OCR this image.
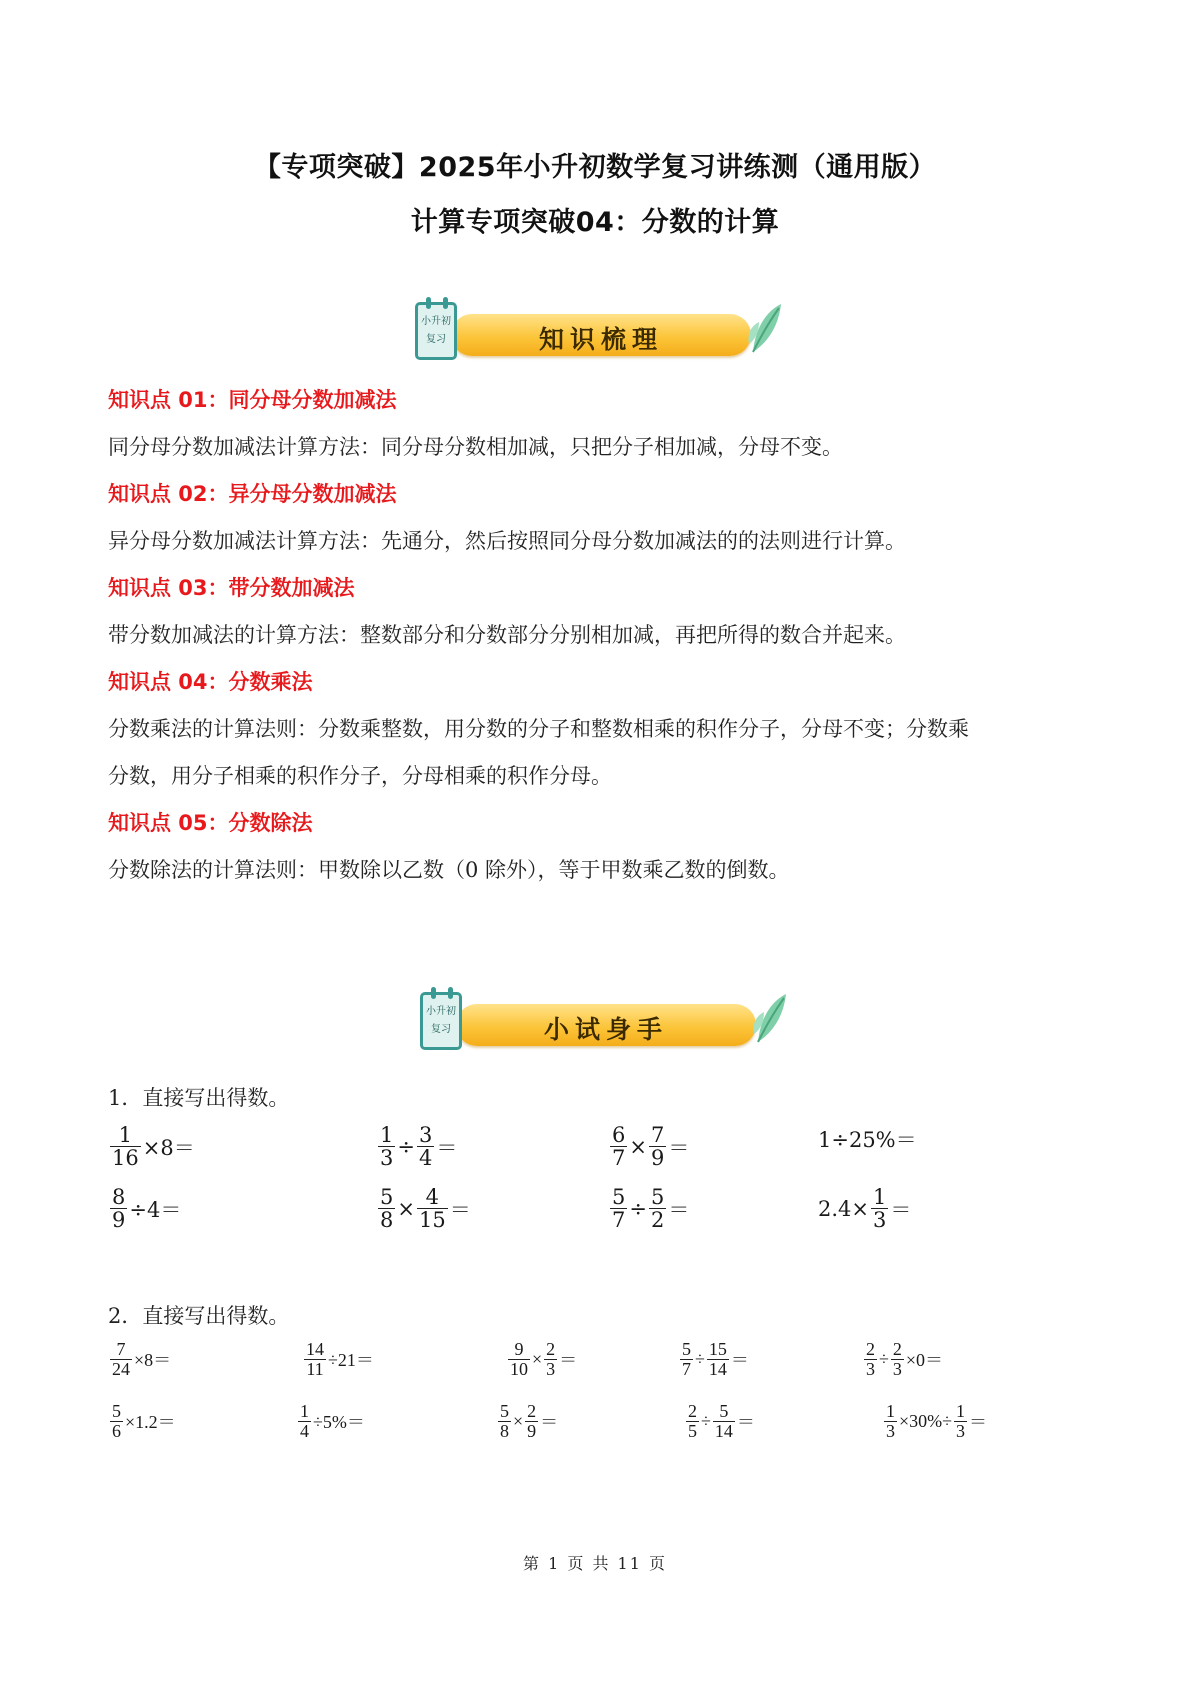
【专项突破】2025年小升初数学复习讲练测（通用版）
计算专项突破04：分数的计算
知识梳理
小升初
复习
知识点 01：同分母分数加减法
同分母分数加减法计算方法：同分母分数相加减，只把分子相加减，分母不变。
知识点 02：异分母分数加减法
异分母分数加减法计算方法：先通分，然后按照同分母分数加减法的的法则进行计算。
知识点 03：带分数加减法
带分数加减法的计算方法：整数部分和分数部分分别相加减，再把所得的数合并起来。
知识点 04：分数乘法
分数乘法的计算法则：分数乘整数，用分数的分子和整数相乘的积作分子，分母不变；分数乘
分数，用分子相乘的积作分子，分母相乘的积作分母。
知识点 05：分数除法
分数除法的计算法则：甲数除以乙数（0 除外），等于甲数乘乙数的倒数。
小试身手
小升初
复习
1．直接写出得数。
$\frac{1}{16} \times 8=$	$\frac{1}{3} \div \frac{3}{4}$ ＝	$\frac{6}{7} \times \frac{7}{9}$ ＝	1÷25%＝
$\frac{8}{9} \div 4=$	$\frac{5}{8} \times \frac{4}{15}$ ＝	$\frac{5}{7} \div \frac{5}{2}$ ＝	$2.4\times \frac{1}{3}$ ＝
2．直接写出得数。
$\frac{7}{24} \times 8=$	$\frac{14}{11} \div 21=$	$\frac{9}{10} \times \frac{2}{3}$ ＝	$\frac{5}{7} \div \frac{15}{14}$ ＝	$\frac{2}{3} \div \frac{2}{3} \times 0=$
$\frac{5}{6} \times 1.2=$	$\frac{1}{4} \div 5\%=$	$\frac{5}{8} \times \frac{2}{9}$ ＝	$\frac{2}{5} \div \frac{5}{14}$ ＝	$\frac{1}{3} \times 30\%\div \frac{1}{3}$ ＝
第 1 页 共 11 页
